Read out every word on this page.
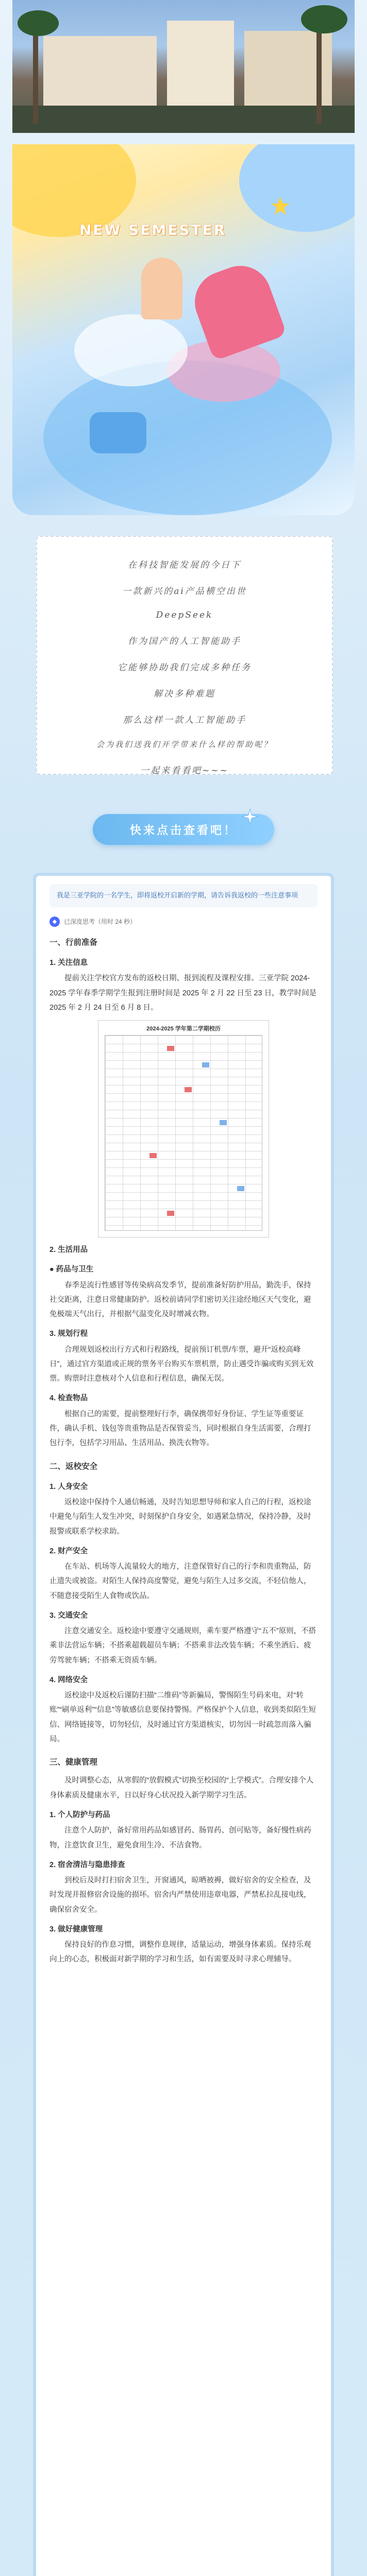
NEW SEMESTER

在科技智能发展的今日下

一款新兴的ai产品横空出世

DeepSeek

作为国产的人工智能助手

它能够协助我们完成多种任务

解决多种难题

那么这样一款人工智能助手

会为我们送我们开学带来什么样的帮助呢？

一起来看看吧~~~

快来点击查看吧！
我是三亚学院的一名学生，即将返校开启新的学期，请告诉我返校的一些注意事项
◆	已深度思考（用时 24 秒）
一、行前准备
1. 关注信息

提前关注学校官方发布的返校日期、报到流程及课程安排。三亚学院 2024-2025 学年春季学期学生报到注册时间是 2025 年 2 月 22 日至 23 日，教学时间是 2025 年 2 月 24 日至 6 月 8 日。

2024-2025 学年第二学期校历
2. 生活用品
● 药品与卫生

春季是流行性感冒等传染病高发季节，提前准备好防护用品，勤洗手，保持社交距离，注意日常健康防护。返校前请同学们密切关注途经地区天气变化，避免极端天气出行，并根据气温变化及时增减衣物。

3. 规划行程

合理规划返校出行方式和行程路线，提前预订机票/车票，避开“返校高峰日”，通过官方渠道或正规的票务平台购买车票机票，防止遇受诈骗或购买到无效票。购票时注意核对个人信息和行程信息，确保无误。

4. 检查物品

根据自己的需要，提前整理好行李，确保携带好身份证、学生证等重要证件，确认手机、钱包等贵重物品是否保管妥当，同时根据自身生活需要，合理打包行李，包括学习用品、生活用品、换洗衣物等。

二、返校安全
1. 人身安全

返校途中保持个人通信畅通，及时告知思想导师和家人自己的行程，返校途中避免与陌生人发生冲突，时刻保护自身安全，如遇紧急情况，保持冷静，及时报警或联系学校求助。

2. 财产安全

在车站、机场等人流量较大的地方，注意保管好自己的行李和贵重物品，防止遗失或被盗。对陌生人保持高度警觉，避免与陌生人过多交流，不轻信他人，不随意接受陌生人食物或饮品。

3. 交通安全

注意交通安全。返校途中要遵守交通规则，乘车要严格遵守“五不”原则，不搭乘非法营运车辆；不搭乘超载超员车辆；不搭乘非法改装车辆；不乘坐酒后、疲劳驾驶车辆；不搭乘无资质车辆。

4. 网络安全

返校途中及返校后谨防扫描“二维码”等新骗局，警惕陌生号码来电，对“转账”“刷单返利”“信息”等敏感信息要保持警惕。严格保护个人信息，收到类似陌生短信、网络链接等，切勿轻信，及时通过官方渠道核实，切勿因一时疏忽而落入骗局。

三、健康管理

及时调整心态，从寒假的“放假模式”切换至校园的“上学模式”。合理安排个人身体素质及健康水平，日以好身心状况投入新学期学习生活。

1. 个人防护与药品

注意个人防护，备好常用药品如感冒药、肠胃药、创可贴等，备好慢性病药物，注意饮食卫生，避免食用生冷、不洁食物。

2. 宿舍清洁与隐患排查

到校后及时打扫宿舍卫生，开窗通风，晾晒被褥，做好宿舍的安全检查，及时发现并报修宿舍设施的损坏。宿舍内严禁使用违章电器，严禁私拉乱接电线，确保宿舍安全。

3. 做好健康管理

保持良好的作息习惯，调整作息规律，适量运动，增强身体素质。保持乐观向上的心态，积极面对新学期的学习和生活，如有需要及时寻求心理辅导。
